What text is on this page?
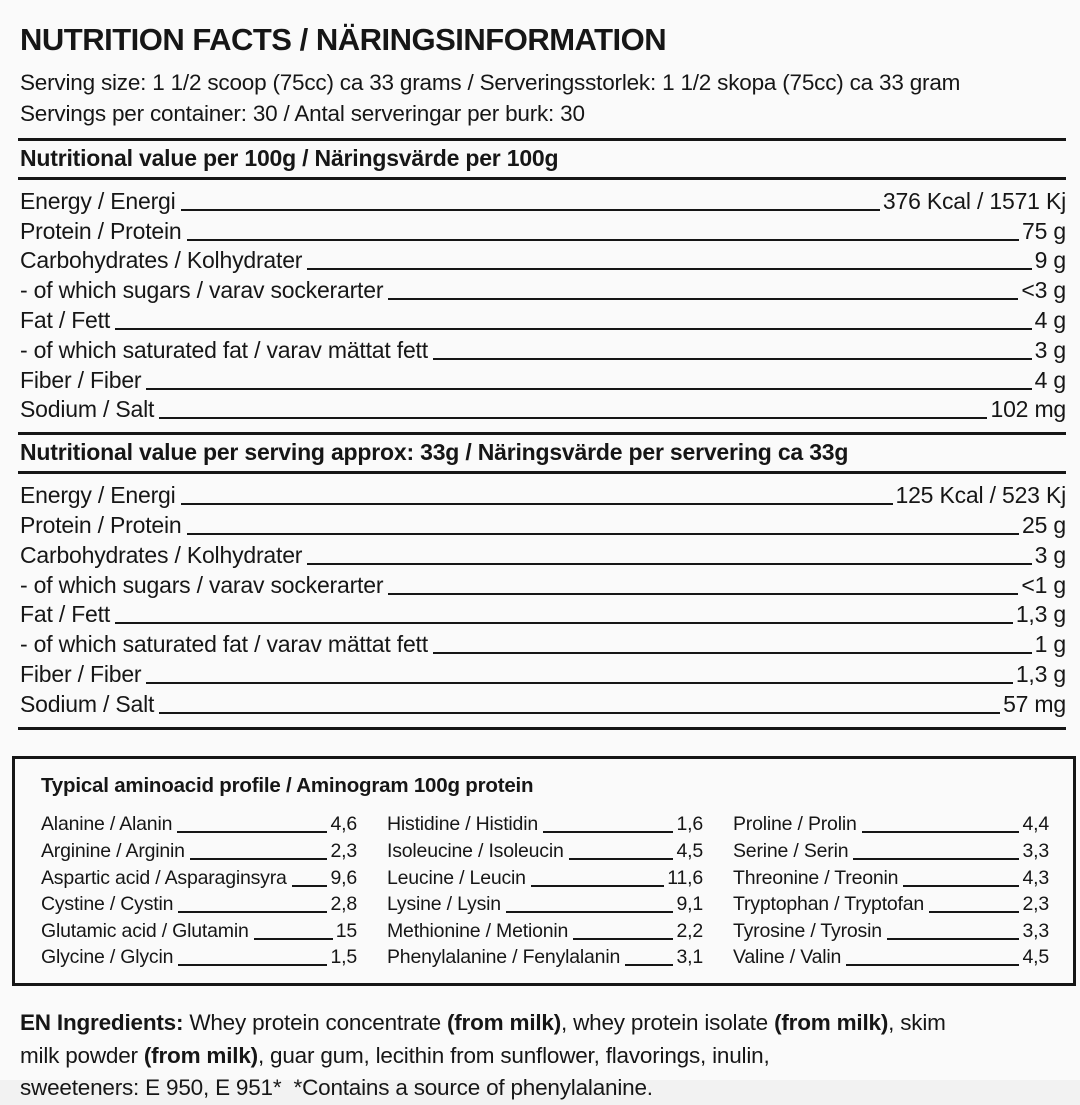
NUTRITION FACTS / NÄRINGSINFORMATION
Serving size: 1 1/2 scoop (75cc) ca 33 grams / Serveringsstorlek: 1 1/2 skopa (75cc) ca 33 gram
Servings per container: 30 / Antal serveringar per burk: 30
Nutritional value per 100g / Näringsvärde per 100g
Energy / Energi	376 Kcal / 1571 Kj
Protein / Protein	75 g
Carbohydrates / Kolhydrater	9 g
- of which sugars / varav sockerarter	<3 g
Fat / Fett	4 g
- of which saturated fat / varav mättat fett	3 g
Fiber / Fiber	4 g
Sodium / Salt	102 mg
Nutritional value per serving approx: 33g / Näringsvärde per servering ca 33g
Energy / Energi	125 Kcal / 523 Kj
Protein / Protein	25 g
Carbohydrates / Kolhydrater	3 g
- of which sugars / varav sockerarter	<1 g
Fat / Fett	1,3 g
- of which saturated fat / varav mättat fett	1 g
Fiber / Fiber	1,3 g
Sodium / Salt	57 mg
Typical aminoacid profile / Aminogram 100g protein
Alanine / Alanin	4,6
Arginine / Arginin	2,3
Aspartic acid / Asparaginsyra 9,6
Cystine / Cystin	2,8
Glutamic acid / Glutamin	15
Glycine / Glycin	1,5
Histidine / Histidin	1,6
Isoleucine / Isoleucin	4,5
Leucine / Leucin	11,6
Lysine / Lysin	9,1
Methionine / Metionin	2,2
Phenylalanine / Fenylalanin	3,1
Proline / Prolin	4,4
Serine / Serin	3,3
Threonine / Treonin	4,3
Tryptophan / Tryptofan	2,3
Tyrosine / Tyrosin	3,3
Valine / Valin	4,5
EN Ingredients: Whey protein concentrate (from milk), whey protein isolate (from milk), skim
milk powder (from milk), guar gum, lecithin from sunflower, flavorings, inulin,
sweeteners: E 950, E 951*  *Contains a source of phenylalanine.
